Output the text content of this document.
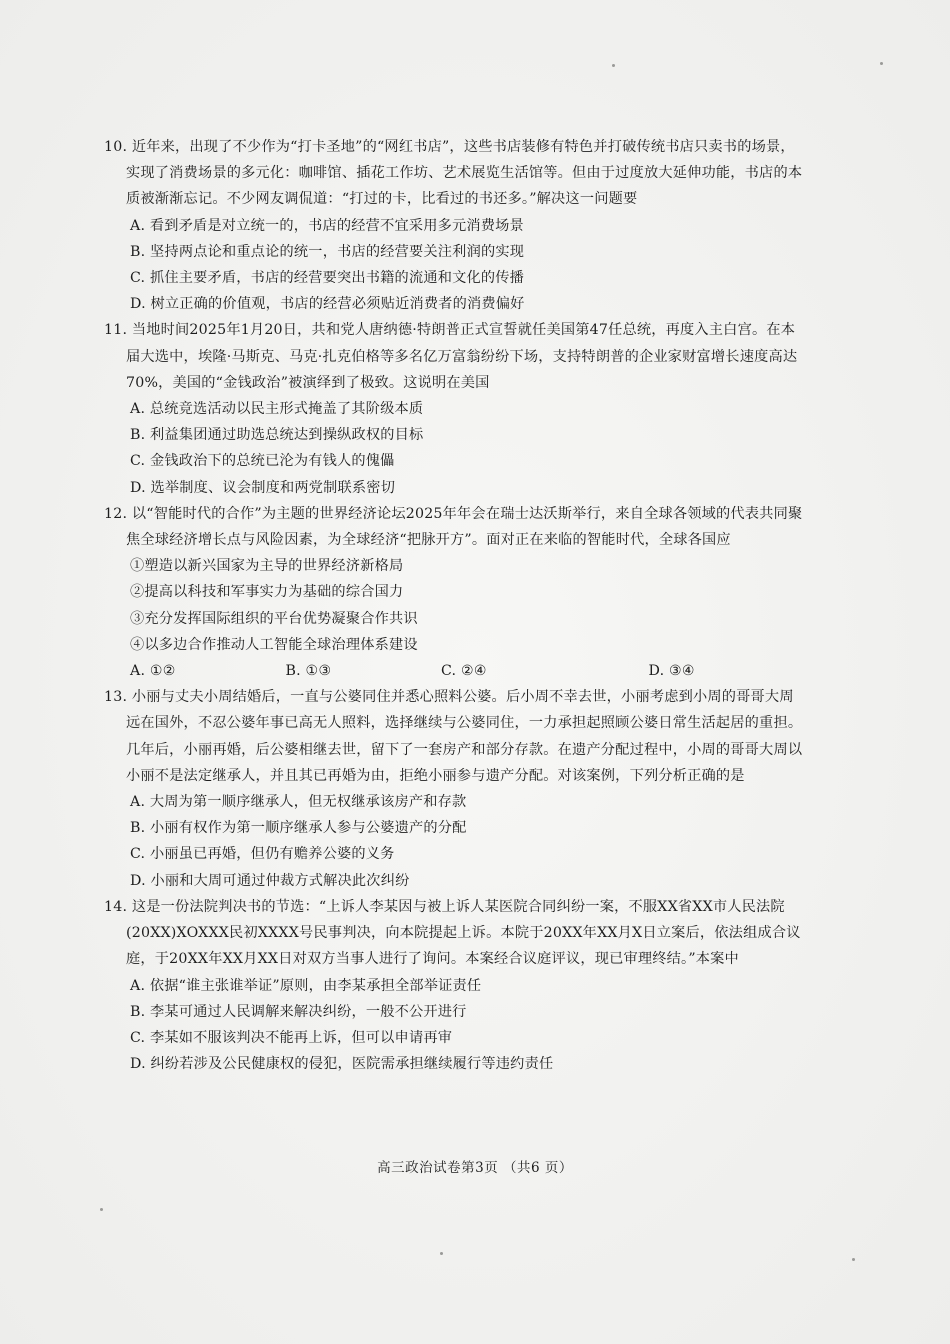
10. 近年来，出现了不少作为“打卡圣地”的“网红书店”，这些书店装修有特色并打破传统书店只卖书的场景，实现了消费场景的多元化：咖啡馆、插花工作坊、艺术展览生活馆等。但由于过度放大延伸功能，书店的本质被渐渐忘记。不少网友调侃道：“打过的卡，比看过的书还多。”解决这一问题要

A. 看到矛盾是对立统一的，书店的经营不宜采用多元消费场景

B. 坚持两点论和重点论的统一，书店的经营要关注利润的实现

C. 抓住主要矛盾，书店的经营要突出书籍的流通和文化的传播

D. 树立正确的价值观，书店的经营必须贴近消费者的消费偏好

11. 当地时间2025年1月20日，共和党人唐纳德·特朗普正式宣誓就任美国第47任总统，再度入主白宫。在本届大选中，埃隆·马斯克、马克·扎克伯格等多名亿万富翁纷纷下场，支持特朗普的企业家财富增长速度高达70%，美国的“金钱政治”被演绎到了极致。这说明在美国

A. 总统竞选活动以民主形式掩盖了其阶级本质

B. 利益集团通过助选总统达到操纵政权的目标

C. 金钱政治下的总统已沦为有钱人的傀儡

D. 选举制度、议会制度和两党制联系密切

12. 以“智能时代的合作”为主题的世界经济论坛2025年年会在瑞士达沃斯举行，来自全球各领域的代表共同聚焦全球经济增长点与风险因素，为全球经济“把脉开方”。面对正在来临的智能时代，全球各国应

①塑造以新兴国家为主导的世界经济新格局

②提高以科技和军事实力为基础的综合国力

③充分发挥国际组织的平台优势凝聚合作共识

④以多边合作推动人工智能全球治理体系建设

A. ①②	B. ①③	C. ②④	D. ③④

13. 小丽与丈夫小周结婚后，一直与公婆同住并悉心照料公婆。后小周不幸去世，小丽考虑到小周的哥哥大周远在国外，不忍公婆年事已高无人照料，选择继续与公婆同住，一力承担起照顾公婆日常生活起居的重担。几年后，小丽再婚，后公婆相继去世，留下了一套房产和部分存款。在遗产分配过程中，小周的哥哥大周以小丽不是法定继承人，并且其已再婚为由，拒绝小丽参与遗产分配。对该案例，下列分析正确的是

A. 大周为第一顺序继承人，但无权继承该房产和存款

B. 小丽有权作为第一顺序继承人参与公婆遗产的分配

C. 小丽虽已再婚，但仍有赡养公婆的义务

D. 小丽和大周可通过仲裁方式解决此次纠纷

14. 这是一份法院判决书的节选：“上诉人李某因与被上诉人某医院合同纠纷一案，不服XX省XX市人民法院(20XX)XOXXX民初XXXX号民事判决，向本院提起上诉。本院于20XX年XX月X日立案后，依法组成合议庭，于20XX年XX月XX日对双方当事人进行了询问。本案经合议庭评议，现已审理终结。”本案中

A. 依据“谁主张谁举证”原则，由李某承担全部举证责任

B. 李某可通过人民调解来解决纠纷，一般不公开进行

C. 李某如不服该判决不能再上诉，但可以申请再审

D. 纠纷若涉及公民健康权的侵犯，医院需承担继续履行等违约责任

高三政治试卷第3页 （共6 页）
